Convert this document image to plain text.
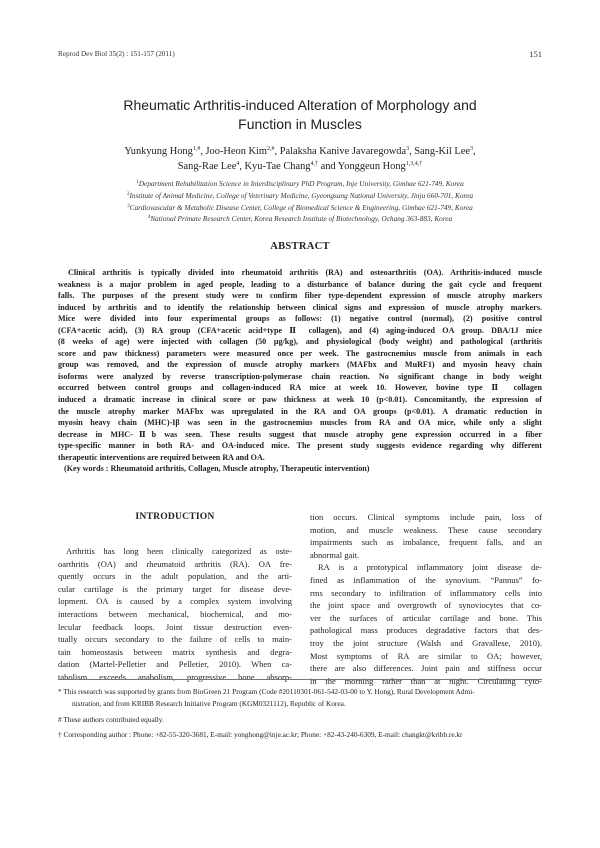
Reprod Dev Biol 35(2) : 151-157 (2011)	151
Rheumatic Arthritis-induced Alteration of Morphology and
Function in Muscles
Yunkyung Hong$^{1,\#}$, Joo-Heon Kim$^{2,\#}$, Palaksha Kanive Javaregowda$^3$, Sang-Kil Lee$^3$,
Sang-Rae Lee$^4$, Kyu-Tae Chang$^{4,\dagger}$ and Yonggeun Hong$^{1,3,4,\dagger}$
$^1$Department Rehabilitation Science in Interdisciplinary PhD Program, Inje University, Gimhae 621-749, Korea
$^2$Institute of Animal Medicine, College of Veterinary Medicine, Gyeongsang National University, Jinju 660-701, Korea
$^3$Cardiovascular & Metabolic Disease Center, College of Biomedical Science & Engineering, Gimhae 621-749, Korea
$^4$National Primate Research Center, Korea Research Institute of Biotechnology, Ochang 363-883, Korea
ABSTRACT
Clinical arthritis is typically divided into rheumatoid arthritis (RA) and osteoarthritis (OA). Arthritis-induced muscle
weakness is a major problem in aged people, leading to a disturbance of balance during the gait cycle and frequent
falls. The purposes of the present study were to confirm fiber type-dependent expression of muscle atrophy markers
induced by arthritis and to identify the relationship between clinical signs and expression of muscle atrophy markers.
Mice were divided into four experimental groups as follows: (1) negative control (normal), (2) positive control
(CFA+acetic acid), (3) RA group (CFA+acetic acid+type Ⅱ collagen), and (4) aging-induced OA group. DBA/1J mice
(8 weeks of age) were injected with collagen (50 μg/kg), and physiological (body weight) and pathological (arthritis
score and paw thickness) parameters were measured once per week. The gastrocnemius muscle from animals in each
group was removed, and the expression of muscle atrophy markers (MAFbx and MuRF1) and myosin heavy chain
isoforms were analyzed by reverse transcription-polymerase chain reaction. No significant change in body weight
occurred between control groups and collagen-induced RA mice at week 10. However, bovine type Ⅱ collagen
induced a dramatic increase in clinical score or paw thickness at week 10 (p<0.01). Concomitantly, the expression of
the muscle atrophy marker MAFbx was upregulated in the RA and OA groups (p<0.01). A dramatic reduction in
myosin heavy chain (MHC)-Iβ was seen in the gastrocnemius muscles from RA and OA mice, while only a slight
decrease in MHC-Ⅱb was seen. These results suggest that muscle atrophy gene expression occurred in a fiber
type-specific manner in both RA- and OA-induced mice. The present study suggests evidence regarding why different
therapeutic interventions are required between RA and OA.
(Key words : Rheumatoid arthritis, Collagen, Muscle atrophy, Therapeutic intervention)
INTRODUCTION
Arthritis has long been clinically categorized as oste-
oarthritis (OA) and rheumatoid arthritis (RA). OA fre-
quently occurs in the adult population, and the arti-
cular cartilage is the primary target for disease deve-
lopment. OA is caused by a complex system involving
interactions between mechanical, biochemical, and mo-
lecular feedback loops. Joint tissue destruction even-
tually occurs secondary to the failure of cells to main-
tain homeostasis between matrix synthesis and degra-
dation (Martel-Pelletier and Pelletier, 2010). When ca-
tabolism exceeds anabolism, progressive bone absorp-
tion occurs. Clinical symptoms include pain, loss of
motion, and muscle weakness. These cause secondary
impairments such as imbalance, frequent falls, and an
abnormal gait.
RA is a prototypical inflammatory joint disease de-
fined as inflammation of the synovium. “Pannus” fo-
rms secondary to infiltration of inflammatory cells into
the joint space and overgrowth of synoviocytes that co-
ver the surfaces of articular cartilage and bone. This
pathological mass produces degradative factors that des-
troy the joint structure (Walsh and Gravallese, 2010).
Most symptoms of RA are similar to OA; however,
there are also differences. Joint pain and stiffness occur
in the morning rather than at night. Circulating cyto-
* This research was supported by grants from BioGreen 21 Program (Code #20110301-061-542-03-00 to Y. Hong), Rural Development Admi-
nistration, and from KRIBB Research Initiative Program (KGM0321112), Republic of Korea.
# These authors contributed equally.
† Corresponding author : Phone: +82-55-320-3681, E-mail: yonghong@inje.ac.kr; Phone: +82-43-240-6309, E-mail: changkt@kribb.re.kr
